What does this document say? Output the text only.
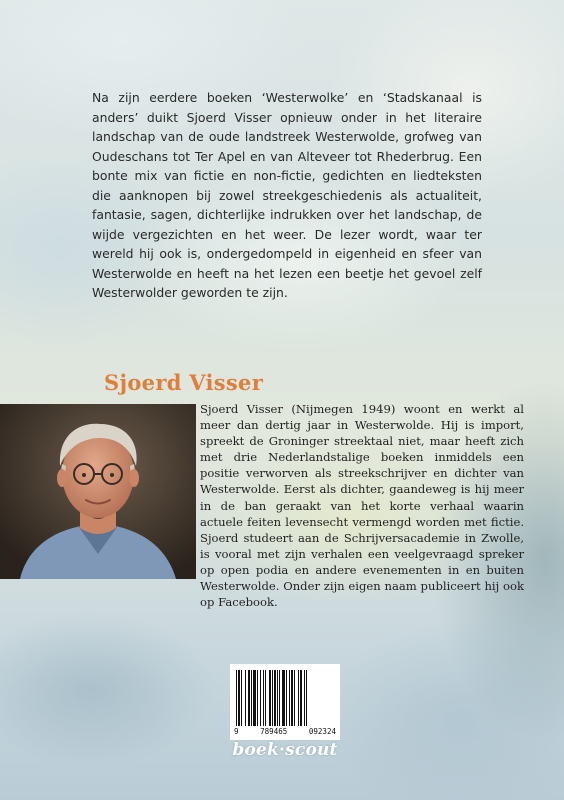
Na zijn eerdere boeken ‘Westerwolke’ en ‘Stadskanaal is anders’ duikt Sjoerd Visser opnieuw onder in het literaire landschap van de oude landstreek Westerwolde, grofweg van Oudeschans tot Ter Apel en van Alteveer tot Rhederbrug. Een bonte mix van fictie en non-fictie, gedichten en liedteksten die aanknopen bij zowel streekgeschiedenis als actualiteit, fantasie, sagen, dichterlijke indrukken over het landschap, de wijde vergezichten en het weer. De lezer wordt, waar ter wereld hij ook is, ondergedompeld in eigenheid en sfeer van Westerwolde en heeft na het lezen een beetje het gevoel zelf Westerwolder geworden te zijn.

Sjoerd Visser

Sjoerd Visser (Nijmegen 1949) woont en werkt al meer dan dertig jaar in Westerwolde. Hij is import, spreekt de Groninger streektaal niet, maar heeft zich met drie Nederlandstalige boeken inmiddels een positie verworven als streekschrijver en dichter van Westerwolde. Eerst als dichter, gaandeweg is hij meer in de ban geraakt van het korte verhaal waarin actuele feiten levensecht vermengd worden met fictie. Sjoerd studeert aan de Schrijversacademie in Zwolle, is vooral met zijn verhalen een veelgevraagd spreker op open podia en andere evenementen in en buiten Westerwolde. Onder zijn eigen naam publiceert hij ook op Facebook.

9	789465	092324
boek·scout
